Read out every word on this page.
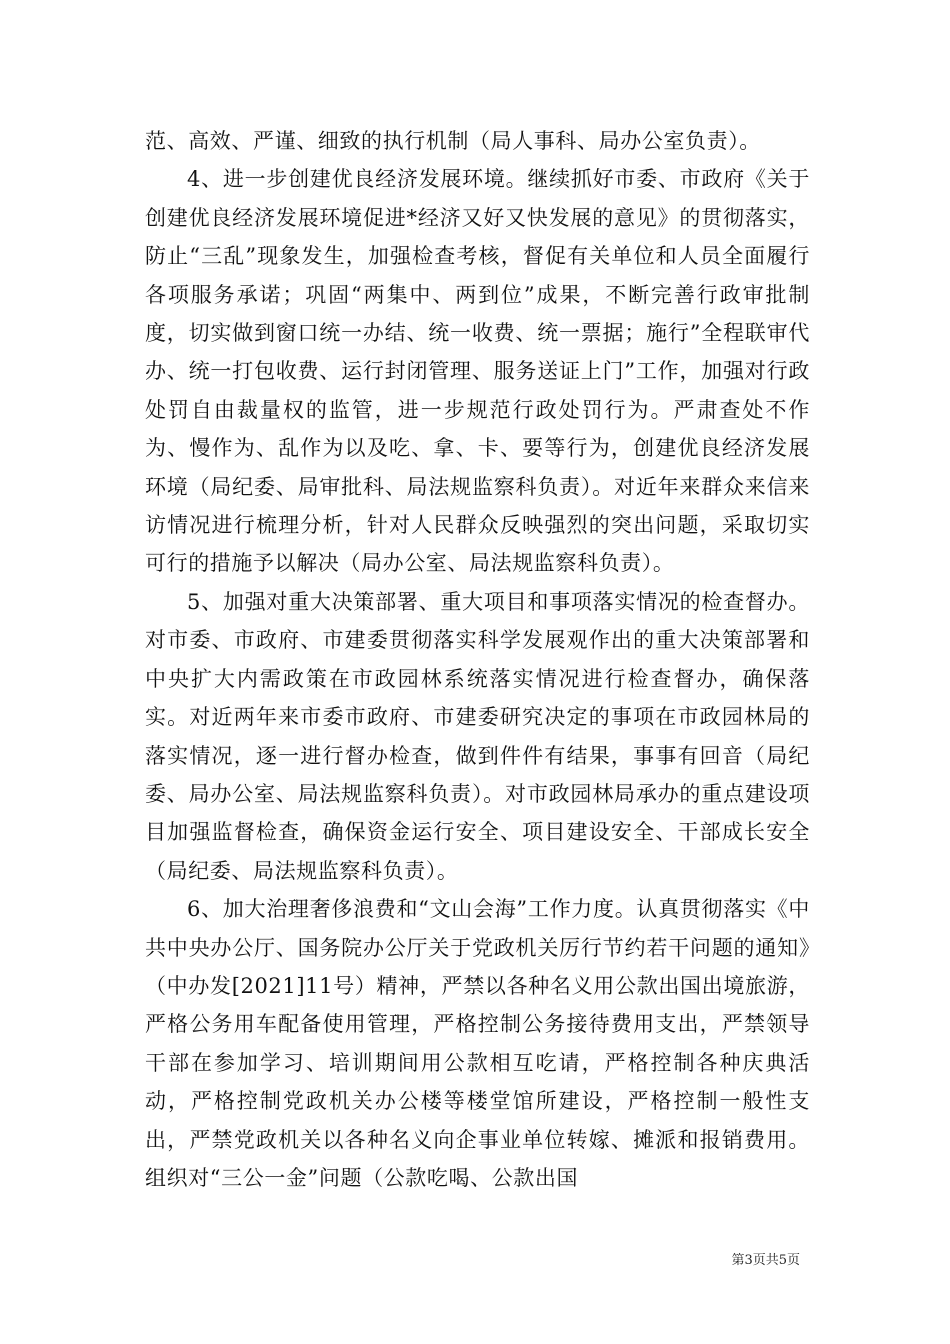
范、高效、严谨、细致的执行机制（局人事科、局办公室负责）。

4、进一步创建优良经济发展环境。继续抓好市委、市政府《关于创建优良经济发展环境促进*经济又好又快发展的意见》的贯彻落实，防止“三乱”现象发生，加强检查考核，督促有关单位和人员全面履行各项服务承诺；巩固“两集中、两到位”成果，不断完善行政审批制度，切实做到窗口统一办结、统一收费、统一票据；施行”全程联审代办、统一打包收费、运行封闭管理、服务送证上门”工作，加强对行政处罚自由裁量权的监管，进一步规范行政处罚行为。严肃查处不作为、慢作为、乱作为以及吃、拿、卡、要等行为，创建优良经济发展环境（局纪委、局审批科、局法规监察科负责）。对近年来群众来信来访情况进行梳理分析，针对人民群众反映强烈的突出问题，采取切实可行的措施予以解决（局办公室、局法规监察科负责）。

5、加强对重大决策部署、重大项目和事项落实情况的检查督办。对市委、市政府、市建委贯彻落实科学发展观作出的重大决策部署和中央扩大内需政策在市政园林系统落实情况进行检查督办，确保落实。对近两年来市委市政府、市建委研究决定的事项在市政园林局的落实情况，逐一进行督办检查，做到件件有结果，事事有回音（局纪委、局办公室、局法规监察科负责）。对市政园林局承办的重点建设项目加强监督检查，确保资金运行安全、项目建设安全、干部成长安全（局纪委、局法规监察科负责）。

6、加大治理奢侈浪费和“文山会海”工作力度。认真贯彻落实《中共中央办公厅、国务院办公厅关于党政机关厉行节约若干问题的通知》（中办发[2021]11号）精神，严禁以各种名义用公款出国出境旅游，严格公务用车配备使用管理，严格控制公务接待费用支出，严禁领导干部在参加学习、培训期间用公款相互吃请，严格控制各种庆典活动，严格控制党政机关办公楼等楼堂馆所建设，严格控制一般性支出，严禁党政机关以各种名义向企事业单位转嫁、摊派和报销费用。组织对“三公一金”问题（公款吃喝、公款出国

第3页共5页
